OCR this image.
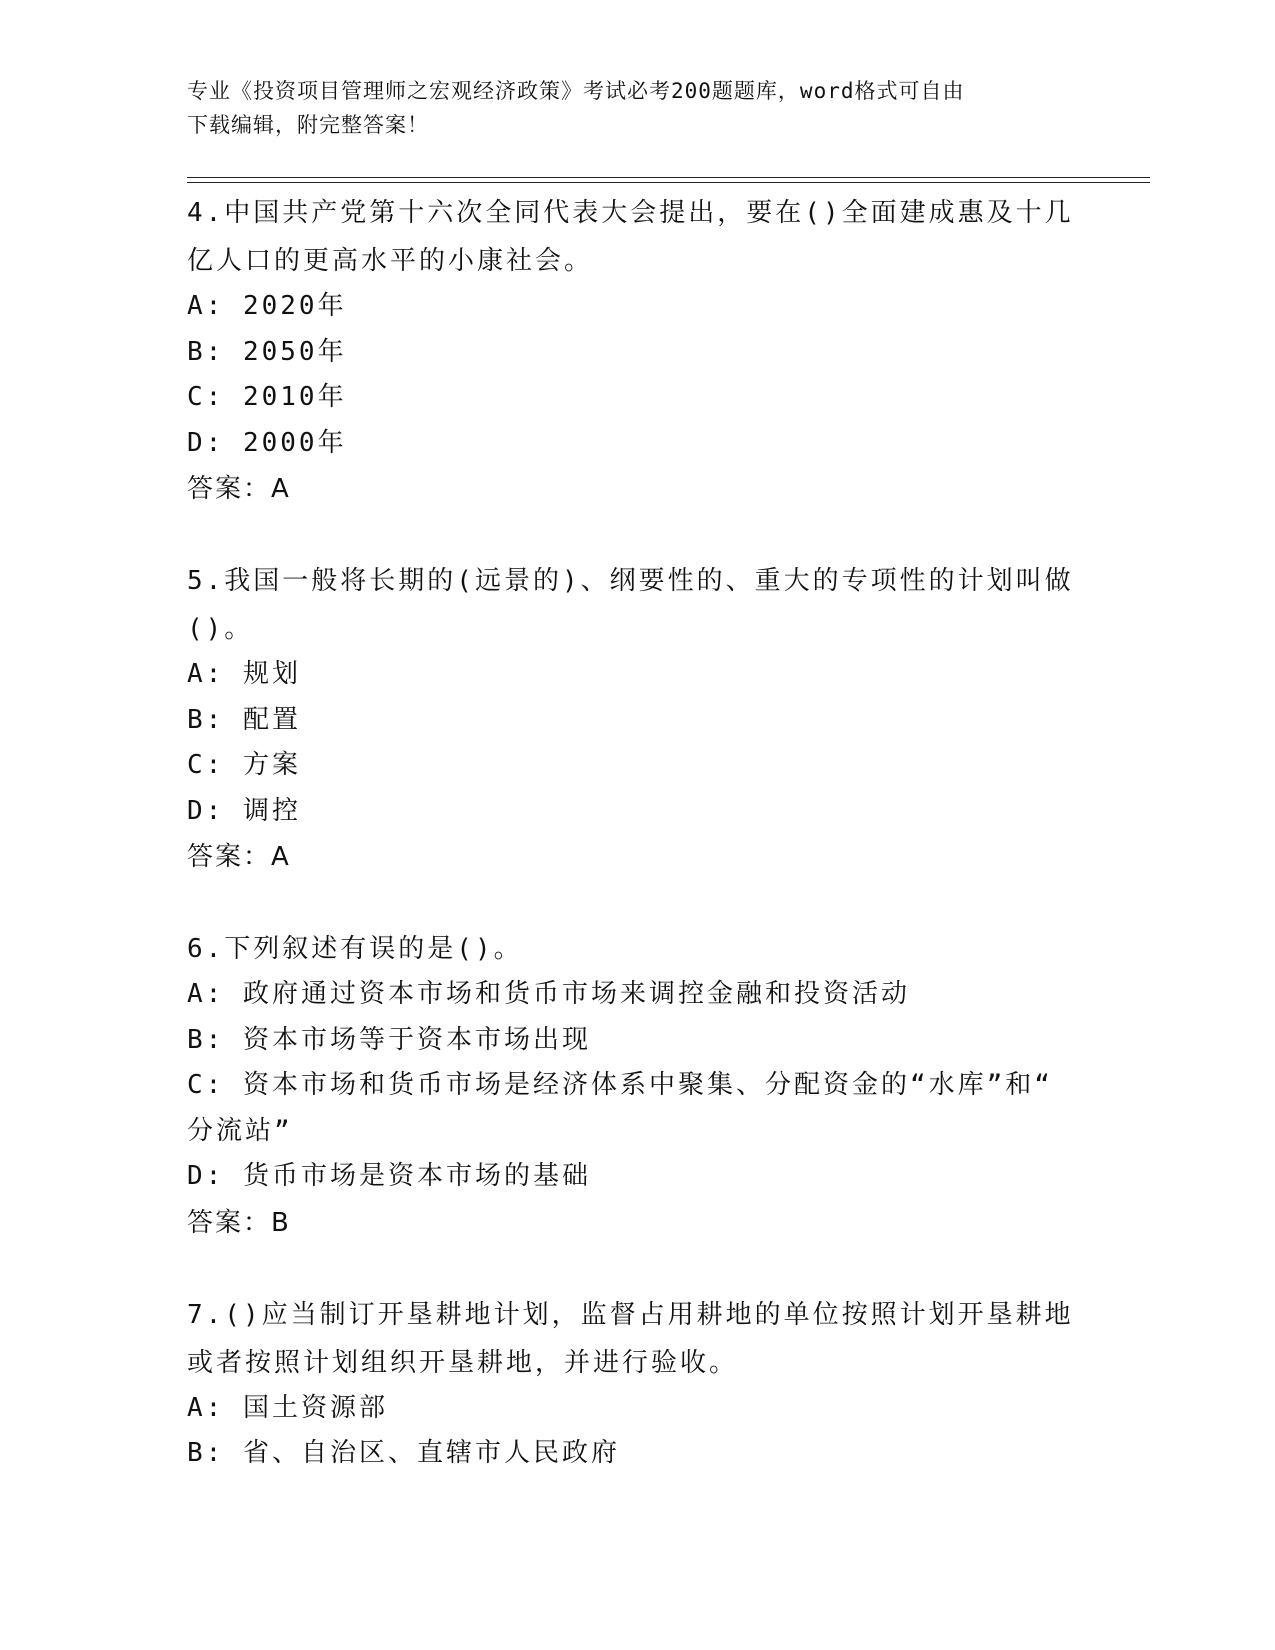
专业《投资项目管理师之宏观经济政策》考试必考200题题库，word格式可自由
下载编辑，附完整答案！
4.中国共产党第十六次全同代表大会提出，要在()全面建成惠及十几
亿人口的更高水平的小康社会。
A: 2020年
B: 2050年
C: 2010年
D: 2000年
答案：A
5.我国一般将长期的(远景的)、纲要性的、重大的专项性的计划叫做
()。
A: 规划
B: 配置
C: 方案
D: 调控
答案：A
6.下列叙述有误的是()。
A: 政府通过资本市场和货币市场来调控金融和投资活动
B: 资本市场等于资本市场出现
C: 资本市场和货币市场是经济体系中聚集、分配资金的“水库”和“
分流站”
D: 货币市场是资本市场的基础
答案：B
7.()应当制订开垦耕地计划，监督占用耕地的单位按照计划开垦耕地
或者按照计划组织开垦耕地，并进行验收。
A: 国土资源部
B: 省、自治区、直辖市人民政府
